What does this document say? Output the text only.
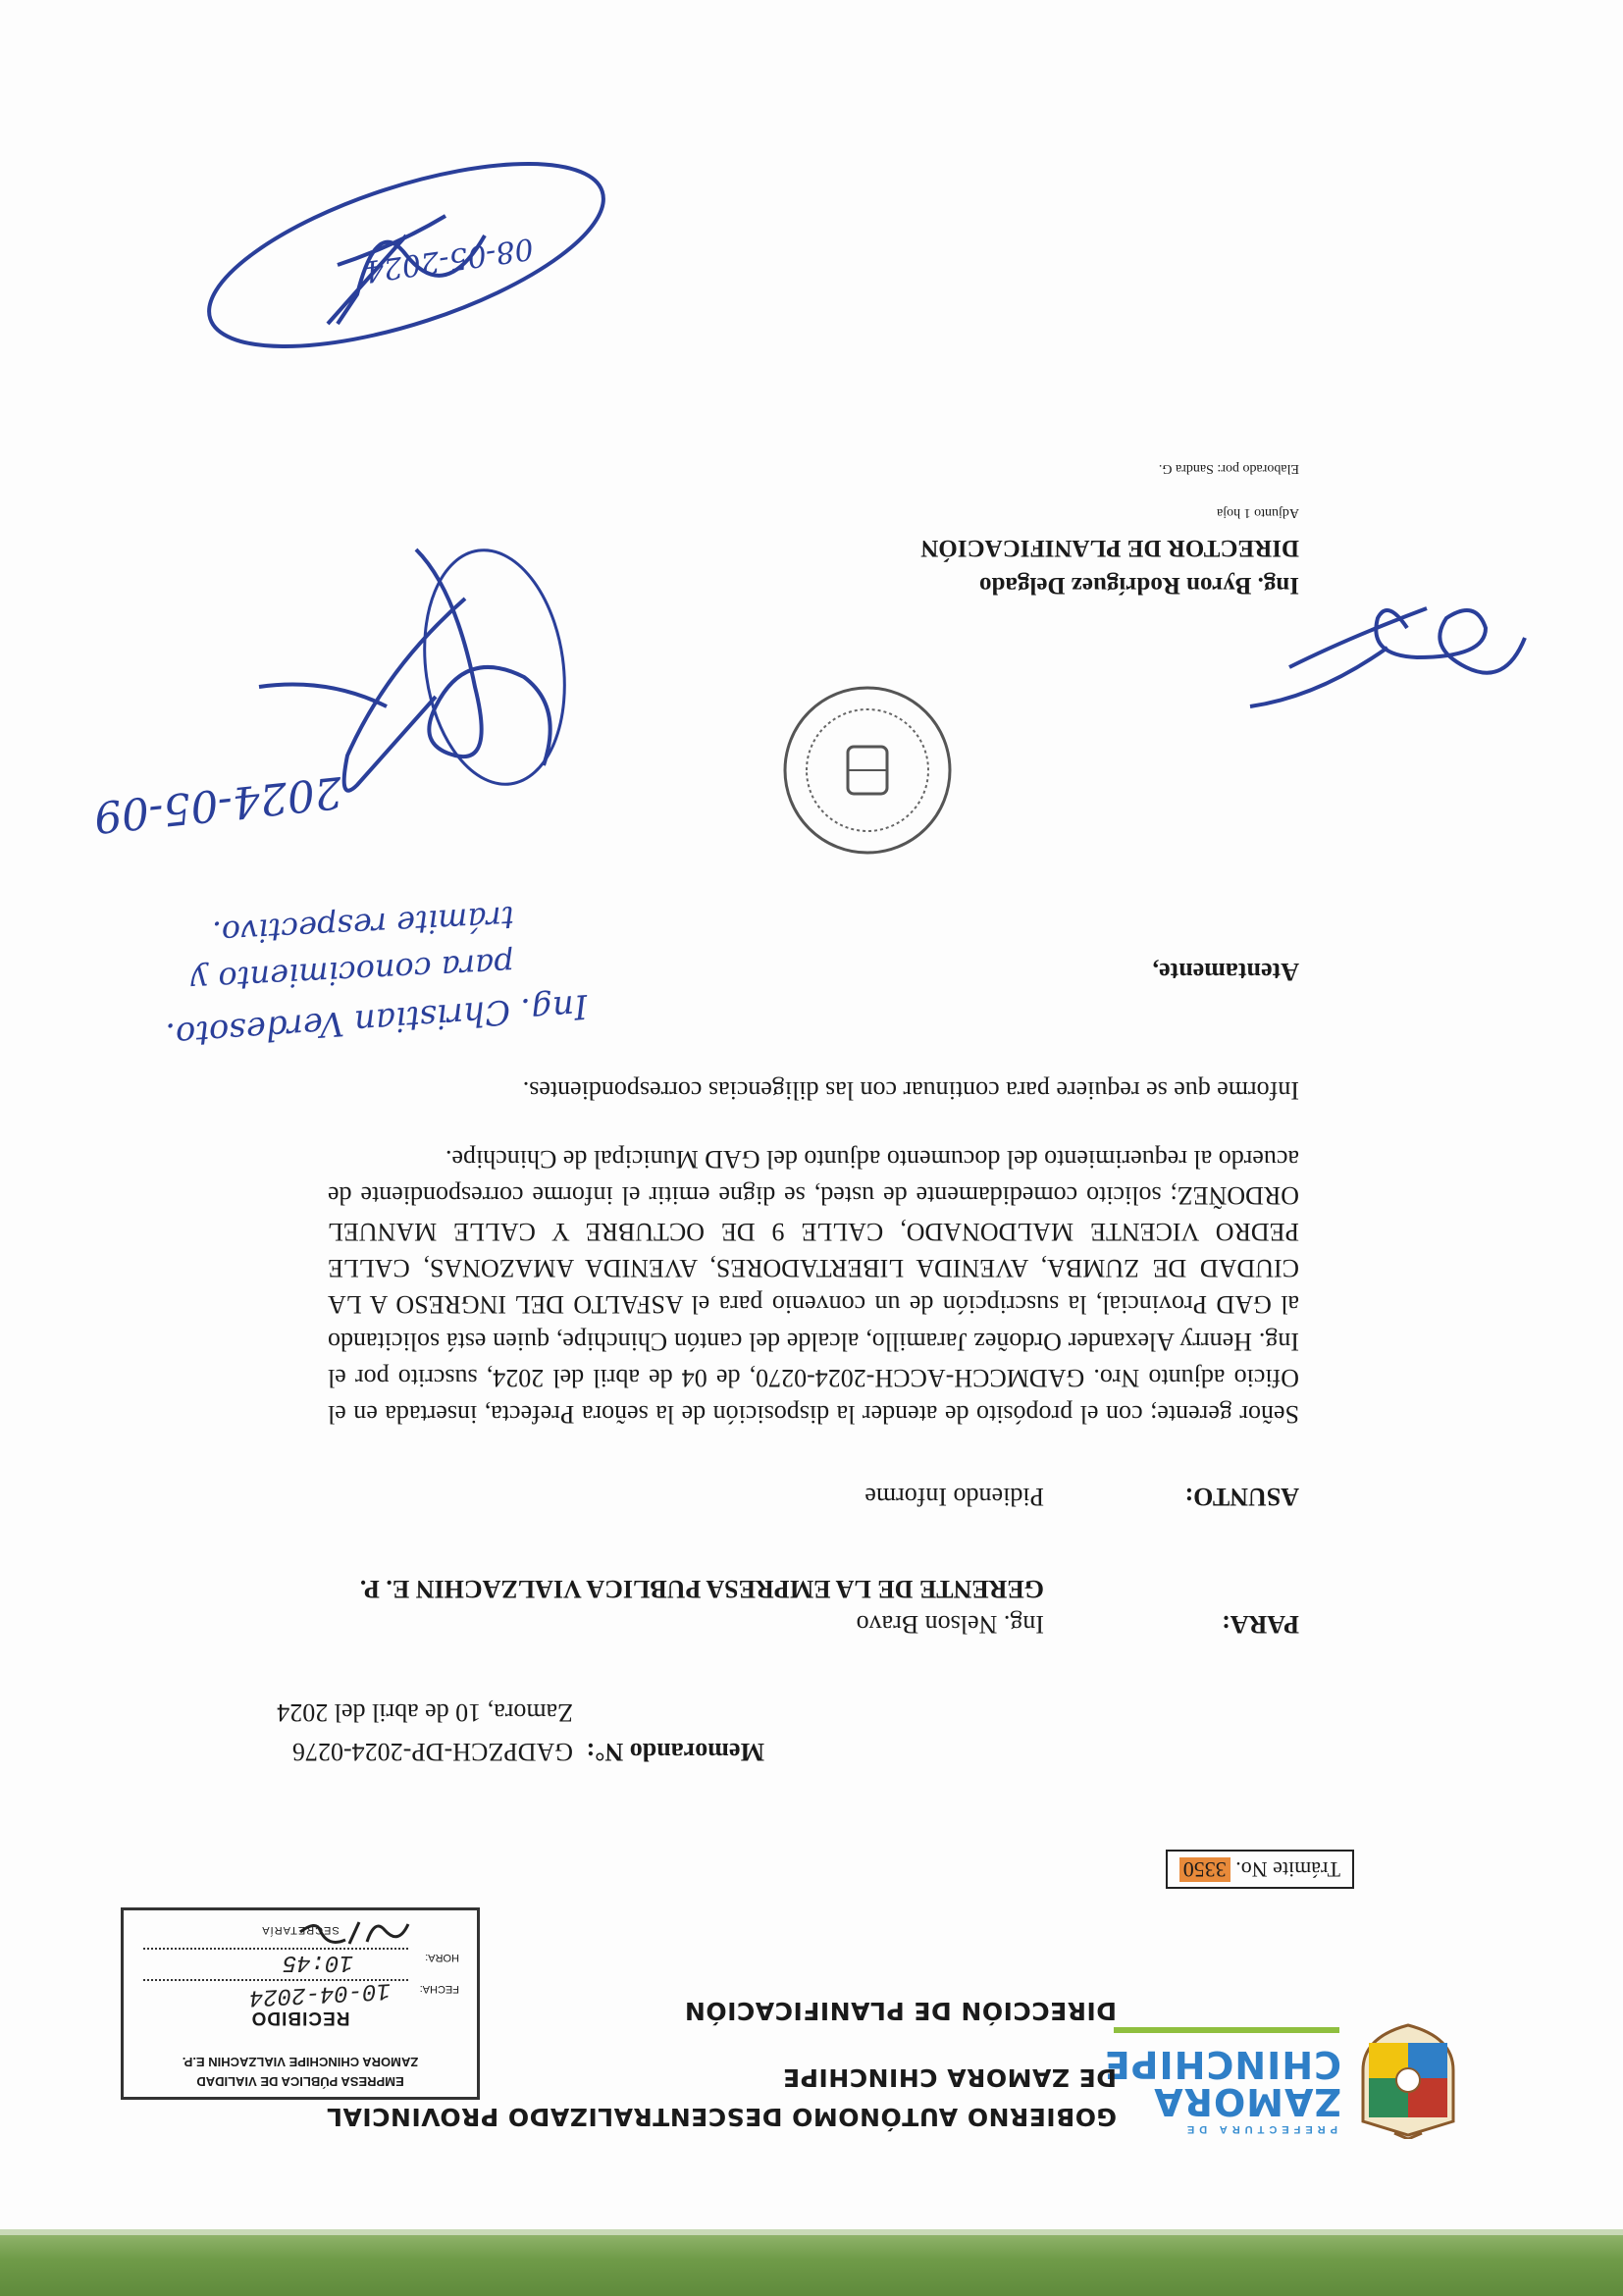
PREFECTURA DE
ZAMORA
CHINCHIPE
GOBIERNO AUTÓNOMO DESCENTRALIZADO PROVINCIAL
DE ZAMORA CHINCHIPE
DIRECCIÓN DE PLANIFICACIÓN
EMPRESA PÚBLICA DE VIALIDAD
ZAMORA CHINCHIPE VIALZACHIN E.P.
RECIBIDO
FECHA:
10-04-2024
HORA:
10:45
SECRETARÍA
Trámite No. 3350
Memorando N°:
GADPZCH-DP-2024-0276
Zamora, 10 de abril del 2024
PARA:
Ing. Nelson Bravo
GERENTE DE LA EMPRESA PUBLICA VIALZACHIN E. P.
ASUNTO:
Pidiendo Informe
Señor gerente; con el propósito de atender la disposición de la señora Prefecta, insertada en el Oficio adjunto Nro. GADMCCH-ACCH-2024-0270, de 04 de abril del 2024, suscrito por el Ing. Henrry Alexander Ordoñez Jaramillo, alcalde del cantón Chinchipe, quien está solicitando al GAD Provincial, la suscripción de un convenio para el ASFALTO DEL INGRESO A LA CIUDAD DE ZUMBA, AVENIDA LIBERTADORES, AVENIDA AMAZONAS, CALLE PEDRO VICENTE MALDONADO, CALLE 9 DE OCTUBRE Y CALLE MANUEL ORDOÑEZ; solicito comedidamente de usted, se digne emitir el informe correspondiente de acuerdo al requerimiento del documento adjunto del GAD Municipal de Chinchipe.
Informe que se requiere para continuar con las diligencias correspondientes.
Atentamente,
Ing. Byron Rodríguez Delgado
DIRECTOR DE PLANIFICACIÓN
Adjunto 1 hoja
Elaborado por: Sandra G.
Ing. Christian Verdesoto.
para conocimiento y
trámite respectivo.
2024-05-09
08-05-2024
